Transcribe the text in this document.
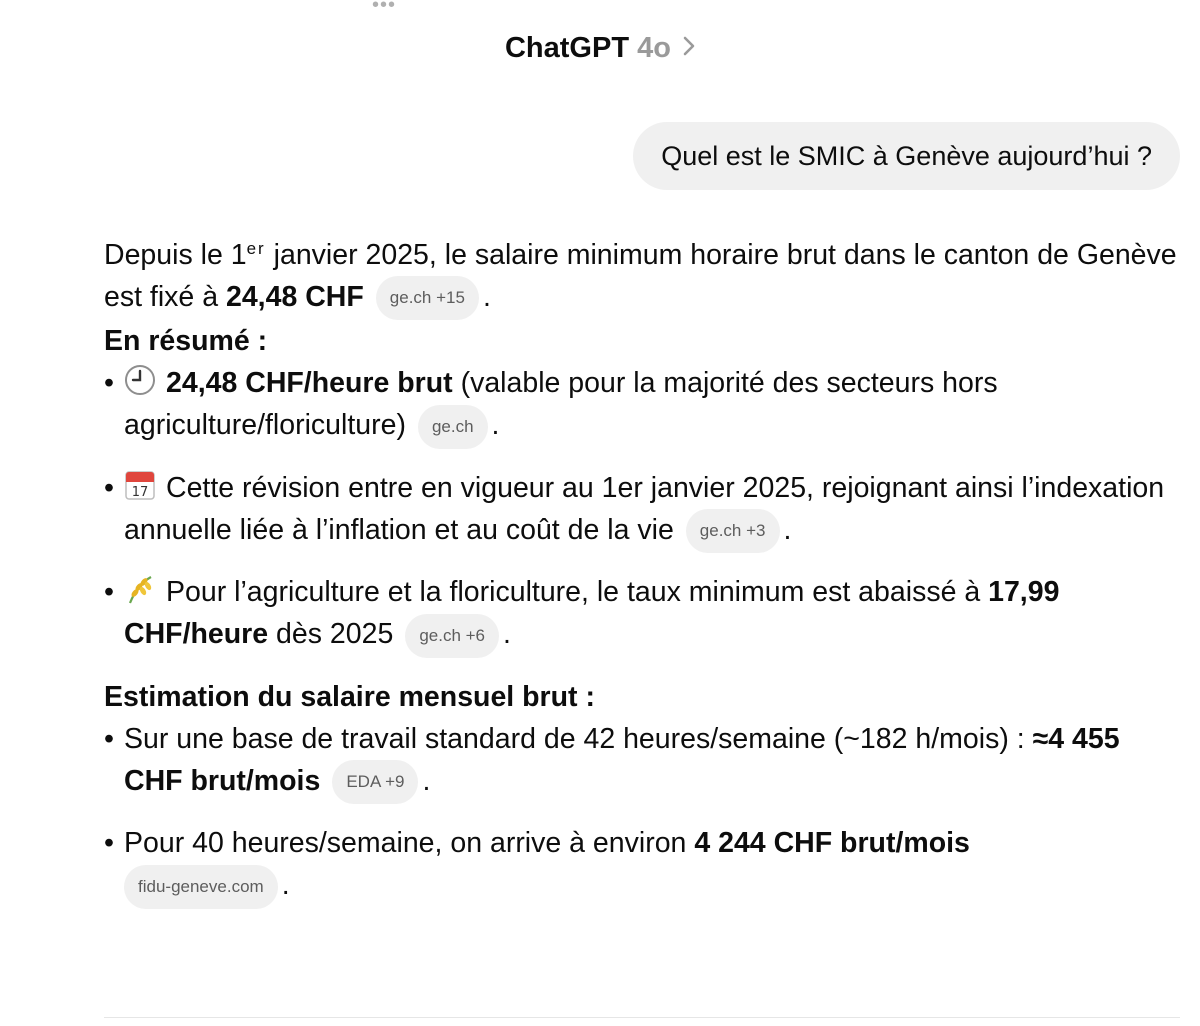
•••
ChatGPT 4o
Quel est le SMIC à Genève aujourd’hui ?

Depuis le 1er janvier 2025, le salaire minimum horaire brut dans le canton de Genève est fixé à 24,48 CHF ge.ch +15 .

En résumé :

• 24,48 CHF/heure brut (valable pour la majorité des secteurs hors agriculture/floriculture) ge.ch .
• 17 Cette révision entre en vigueur au 1er janvier 2025, rejoignant ainsi l’indexation annuelle liée à l’inflation et au coût de la vie ge.ch +3 .
• Pour l’agriculture et la floriculture, le taux minimum est abaissé à 17,99 CHF/heure dès 2025 ge.ch +6 .

Estimation du salaire mensuel brut :

• Sur une base de travail standard de 42 heures/semaine (~182 h/mois) : ≈4 455 CHF brut/mois EDA +9 .
• Pour 40 heures/semaine, on arrive à environ 4 244 CHF brut/mois
fidu-geneve.com .
